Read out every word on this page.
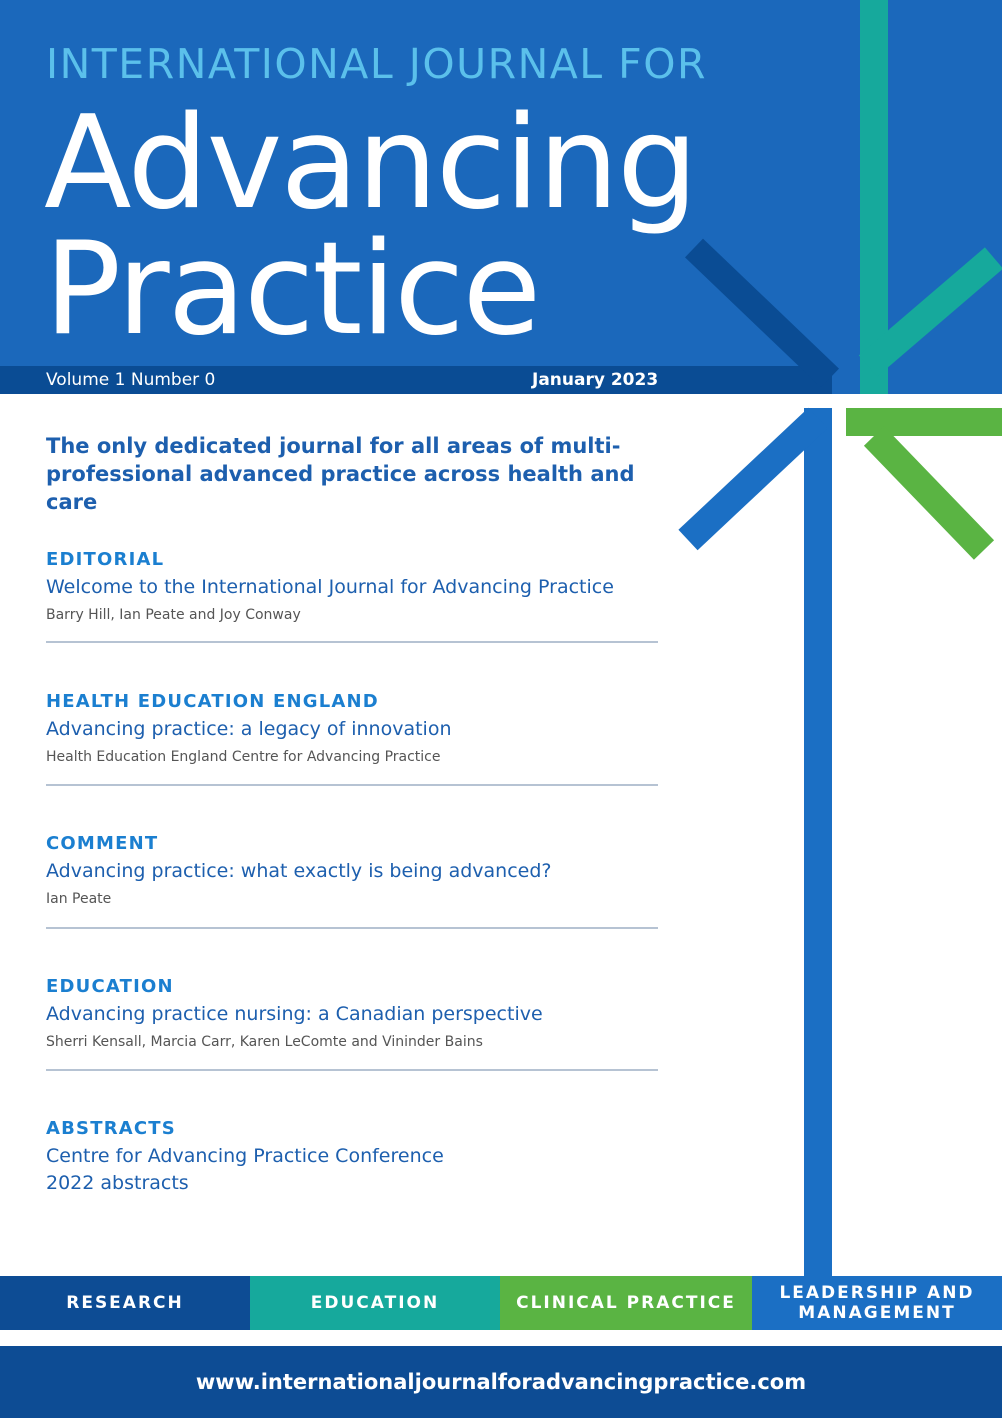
INTERNATIONAL JOURNAL FOR
Advancing
Practice
Volume 1 Number 0	January 2023
The only dedicated journal for all areas of multi-professional advanced practice across health and care
EDITORIAL
Welcome to the International Journal for Advancing Practice
Barry Hill, Ian Peate and Joy Conway
HEALTH EDUCATION ENGLAND
Advancing practice: a legacy of innovation
Health Education England Centre for Advancing Practice
COMMENT
Advancing practice: what exactly is being advanced?
Ian Peate
EDUCATION
Advancing practice nursing: a Canadian perspective
Sherri Kensall, Marcia Carr, Karen LeComte and Vininder Bains
ABSTRACTS
Centre for Advancing Practice Conference 2022 abstracts
RESEARCH	EDUCATION	CLINICAL PRACTICE	LEADERSHIP AND MANAGEMENT
www.internationaljournalforadvancingpractice.com
